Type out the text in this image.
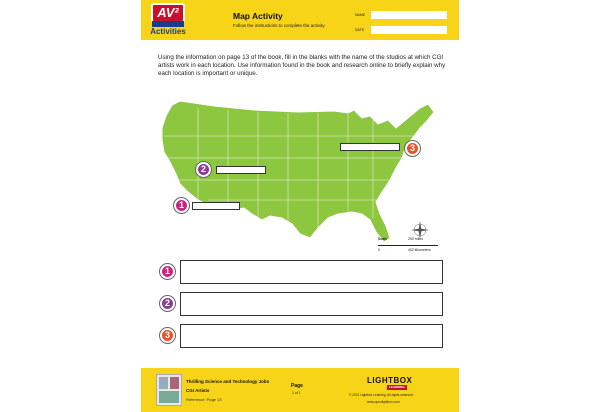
AV²
Activities
Map Activity
Follow the instructions to complete the activity.
NAME
DATE
Using the information on page 13 of the book, fill in the blanks with the name of the studios at which CGI artists work in each location. Use information found in the book and research online to briefly explain why each location is important or unique.
3
2
1
Scale	250 miles
0	402 kilometers
1
2
3
Thrilling Science and Technology Jobs
CGI Artists
Reference: Page 13
Page
1 of 1
LIGHTBOX
LEARNING
© 2021 Lightbox Learning. All rights reserved.
www.openlightbox.com
